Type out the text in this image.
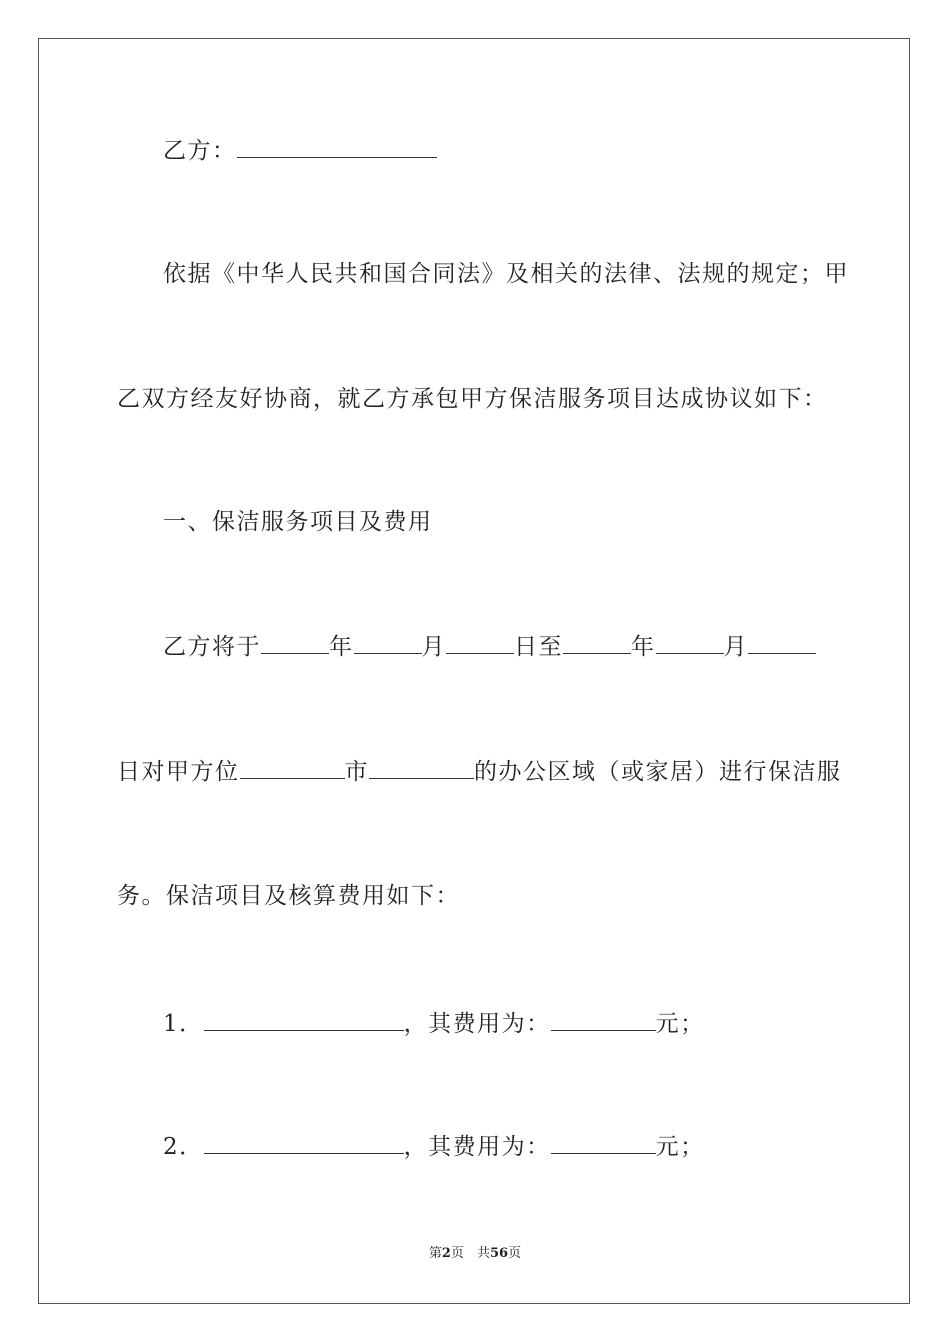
乙方：
依据《中华人民共和国合同法》及相关的法律、法规的规定；甲
乙双方经友好协商，就乙方承包甲方保洁服务项目达成协议如下：
一、保洁服务项目及费用
乙方将于	年	月	日至	年	月
日对甲方位	市	的办公区域（或家居）进行保洁服
务。保洁项目及核算费用如下：
1．	，其费用为：	元；
2．	，其费用为：	元；
第2页　共56页
